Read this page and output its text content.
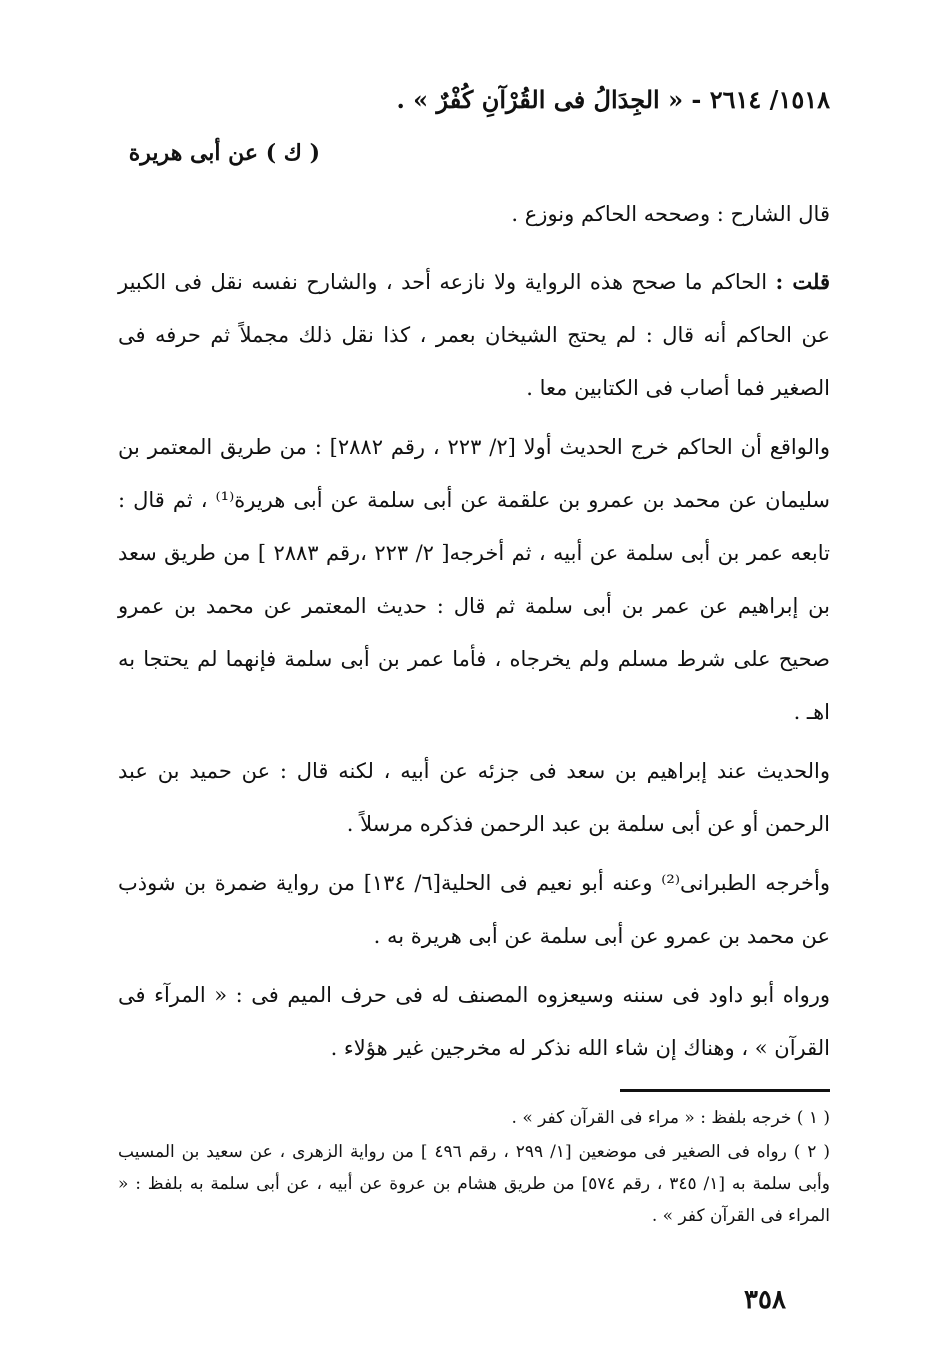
١٥١٨/ ٢٦١٤ - « الجِدَالُ فى القُرْآنِ كُفْرٌ » .
( ك ) عن أبى هريرة

قال الشارح : وصححه الحاكم ونوزع .

قلت : الحاكم ما صحح هذه الرواية ولا نازعه أحد ، والشارح نفسه نقل فى الكبير عن الحاكم أنه قال : لم يحتج الشيخان بعمر ، كذا نقل ذلك مجملاً ثم حرفه فى الصغير فما أصاب فى الكتابين معا .

والواقع أن الحاكم خرج الحديث أولا [٢/ ٢٢٣ ، رقم ٢٨٨٢] : من طريق المعتمر بن سليمان عن محمد بن عمرو بن علقمة عن أبى سلمة عن أبى هريرة⁽¹⁾ ، ثم قال : تابعه عمر بن أبى سلمة عن أبيه ، ثم أخرجه[ ٢/ ٢٢٣ ،رقم ٢٨٨٣ ] من طريق سعد بن إبراهيم عن عمر بن أبى سلمة ثم قال : حديث المعتمر عن محمد بن عمرو صحيح على شرط مسلم ولم يخرجاه ، فأما عمر بن أبى سلمة فإنهما لم يحتجا به اهـ .

والحديث عند إبراهيم بن سعد فى جزئه عن أبيه ، لكنه قال : عن حميد بن عبد الرحمن أو عن أبى سلمة بن عبد الرحمن فذكره مرسلاً .

وأخرجه الطبرانى⁽²⁾ وعنه أبو نعيم فى الحلية[٦/ ١٣٤] من رواية ضمرة بن شوذب عن محمد بن عمرو عن أبى سلمة عن أبى هريرة به .

ورواه أبو داود فى سننه وسيعزوه المصنف له فى حرف الميم فى : « المرآء فى القرآن » ، وهناك إن شاء الله نذكر له مخرجين غير هؤلاء .

( ١ ) خرجه بلفظ : « مراء فى القرآن كفر » .

( ٢ ) رواه فى الصغير فى موضعين [١/ ٢٩٩ ، رقم ٤٩٦ ] من رواية الزهرى ، عن سعيد بن المسيب وأبى سلمة به [١/ ٣٤٥ ، رقم ٥٧٤] من طريق هشام بن عروة عن أبيه ، عن أبى سلمة به بلفظ : « المراء فى القرآن كفر » .

٣٥٨
